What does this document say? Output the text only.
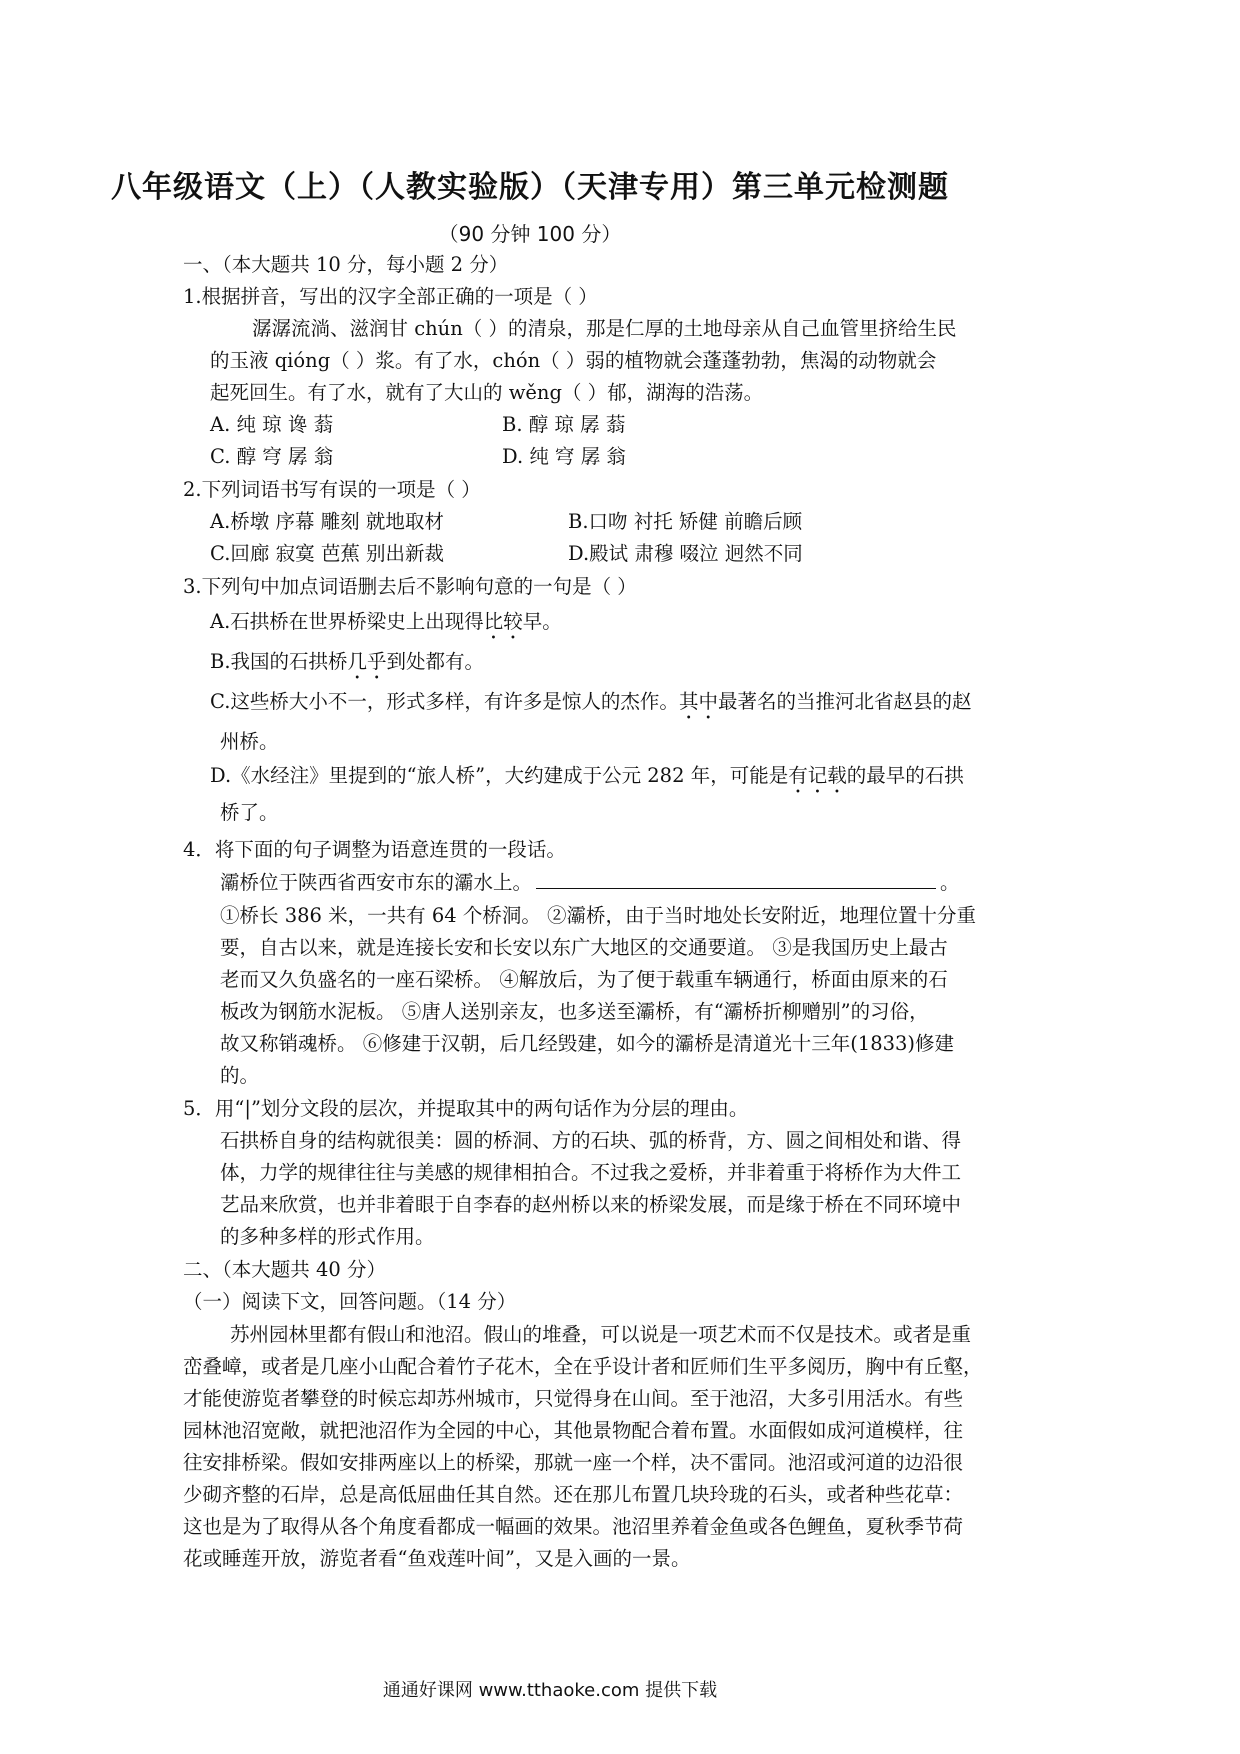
八年级语文（上）（人教实验版）（天津专用）第三单元检测题
（90 分钟 100 分）
一、（本大题共 10 分，每小题 2 分）
1.根据拼音，写出的汉字全部正确的一项是（ ）
潺潺流淌、滋润甘 chún（ ）的清泉，那是仁厚的土地母亲从自己血管里挤给生民
的玉液 qióng（ ）浆。有了水，chón（ ）弱的植物就会蓬蓬勃勃，焦渴的动物就会
起死回生。有了水，就有了大山的 wěng（ ）郁，湖海的浩荡。
A. 纯 琼 谗 蓊	B. 醇 琼 孱 蓊
C. 醇 穹 孱 翁	D. 纯 穹 孱 翁
2.下列词语书写有误的一项是（ ）
A.桥墩 序幕 雕刻 就地取材	B.口吻 衬托 矫健 前瞻后顾
C.回廊 寂寞 芭蕉 别出新裁	D.殿试 肃穆 啜泣 迥然不同
3.下列句中加点词语删去后不影响句意的一句是（ ）
A.石拱桥在世界桥梁史上出现得比较早。
B.我国的石拱桥几乎到处都有。
C.这些桥大小不一，形式多样，有许多是惊人的杰作。其中最著名的当推河北省赵县的赵
州桥。
D.《水经注》里提到的“旅人桥”，大约建成于公元 282 年，可能是有记载的最早的石拱
桥了。
4．将下面的句子调整为语意连贯的一段话。
灞桥位于陕西省西安市东的灞水上。	。
①桥长 386 米，一共有 64 个桥洞。 ②灞桥，由于当时地处长安附近，地理位置十分重
要，自古以来，就是连接长安和长安以东广大地区的交通要道。 ③是我国历史上最古
老而又久负盛名的一座石梁桥。 ④解放后，为了便于载重车辆通行，桥面由原来的石
板改为钢筋水泥板。 ⑤唐人送别亲友，也多送至灞桥，有“灞桥折柳赠别”的习俗，
故又称销魂桥。 ⑥修建于汉朝，后几经毁建，如今的灞桥是清道光十三年(1833)修建
的。
5．用“|”划分文段的层次，并提取其中的两句话作为分层的理由。
石拱桥自身的结构就很美：圆的桥洞、方的石块、弧的桥背，方、圆之间相处和谐、得
体，力学的规律往往与美感的规律相拍合。不过我之爱桥，并非着重于将桥作为大件工
艺品来欣赏，也并非着眼于自李春的赵州桥以来的桥梁发展，而是缘于桥在不同环境中
的多种多样的形式作用。
二、（本大题共 40 分）
（一）阅读下文，回答问题。（14 分）
苏州园林里都有假山和池沼。假山的堆叠，可以说是一项艺术而不仅是技术。或者是重
峦叠嶂，或者是几座小山配合着竹子花木，全在乎设计者和匠师们生平多阅历，胸中有丘壑，
才能使游览者攀登的时候忘却苏州城市，只觉得身在山间。至于池沼，大多引用活水。有些
园林池沼宽敞，就把池沼作为全园的中心，其他景物配合着布置。水面假如成河道模样，往
往安排桥梁。假如安排两座以上的桥梁，那就一座一个样，决不雷同。池沼或河道的边沿很
少砌齐整的石岸，总是高低屈曲任其自然。还在那儿布置几块玲珑的石头，或者种些花草：
这也是为了取得从各个角度看都成一幅画的效果。池沼里养着金鱼或各色鲤鱼，夏秋季节荷
花或睡莲开放，游览者看“鱼戏莲叶间”，又是入画的一景。
通通好课网 www.tthaoke.com 提供下载
